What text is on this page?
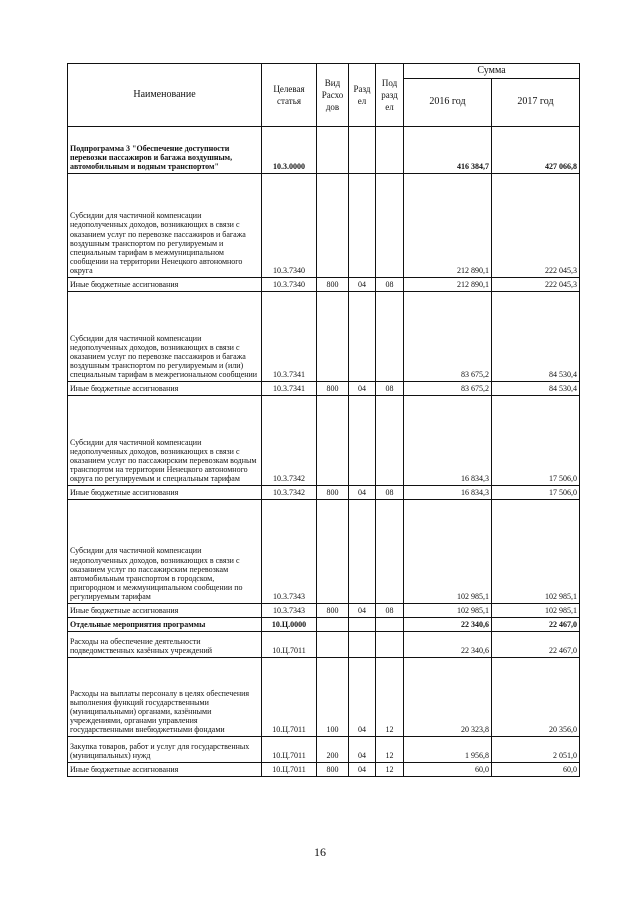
Наименование	Целевая статья	Вид Расхо дов	Разд ел	Под разд ел	Сумма	
					2016 год	2017 год
Подпрограмма 3 "Обеспечение доступности перевозки пассажиров и багажа воздушным, автомобильным и водным транспортом"	10.3.0000				416 384,7	427 066,8
Субсидии для частичной компенсации недополученных доходов, возникающих в связи с оказанием услуг по перевозке пассажиров и багажа воздушным транспортом по регулируемым и специальным тарифам в межмуниципальном сообщении на территории Ненецкого автономного округа	10.3.7340				212 890,1	222 045,3
Иные бюджетные ассигнования	10.3.7340	800	04	08	212 890,1	222 045,3
Субсидии для частичной компенсации недополученных доходов, возникающих в связи с оказанием услуг по перевозке пассажиров и багажа воздушным транспортом по регулируемым и (или) специальным тарифам в межрегиональном сообщении	10.3.7341				83 675,2	84 530,4
Иные бюджетные ассигнования	10.3.7341	800	04	08	83 675,2	84 530,4
Субсидии для частичной компенсации недополученных доходов, возникающих в связи с оказанием услуг по пассажирским перевозкам водным транспортом на территории Ненецкого автономного округа по регулируемым и специальным тарифам	10.3.7342				16 834,3	17 506,0
Иные бюджетные ассигнования	10.3.7342	800	04	08	16 834,3	17 506,0
Субсидии для частичной компенсации недополученных доходов, возникающих в связи с оказанием услуг по пассажирским перевозкам автомобильным транспортом в городском, пригородном и межмуниципальном сообщении по регулируемым тарифам	10.3.7343				102 985,1	102 985,1
Иные бюджетные ассигнования	10.3.7343	800	04	08	102 985,1	102 985,1
Отдельные мероприятия программы	10.Ц.0000				22 340,6	22 467,0
Расходы на обеспечение деятельности подведомственных казённых учреждений	10.Ц.7011				22 340,6	22 467,0
Расходы на выплаты персоналу в целях обеспечения выполнения функций государственными (муниципальными) органами, казёнными учреждениями, органами управления государственными внебюджетными фондами	10.Ц.7011	100	04	12	20 323,8	20 356,0
Закупка товаров, работ и услуг для государственных (муниципальных) нужд	10.Ц.7011	200	04	12	1 956,8	2 051,0
Иные бюджетные ассигнования	10.Ц.7011	800	04	12	60,0	60,0
16
